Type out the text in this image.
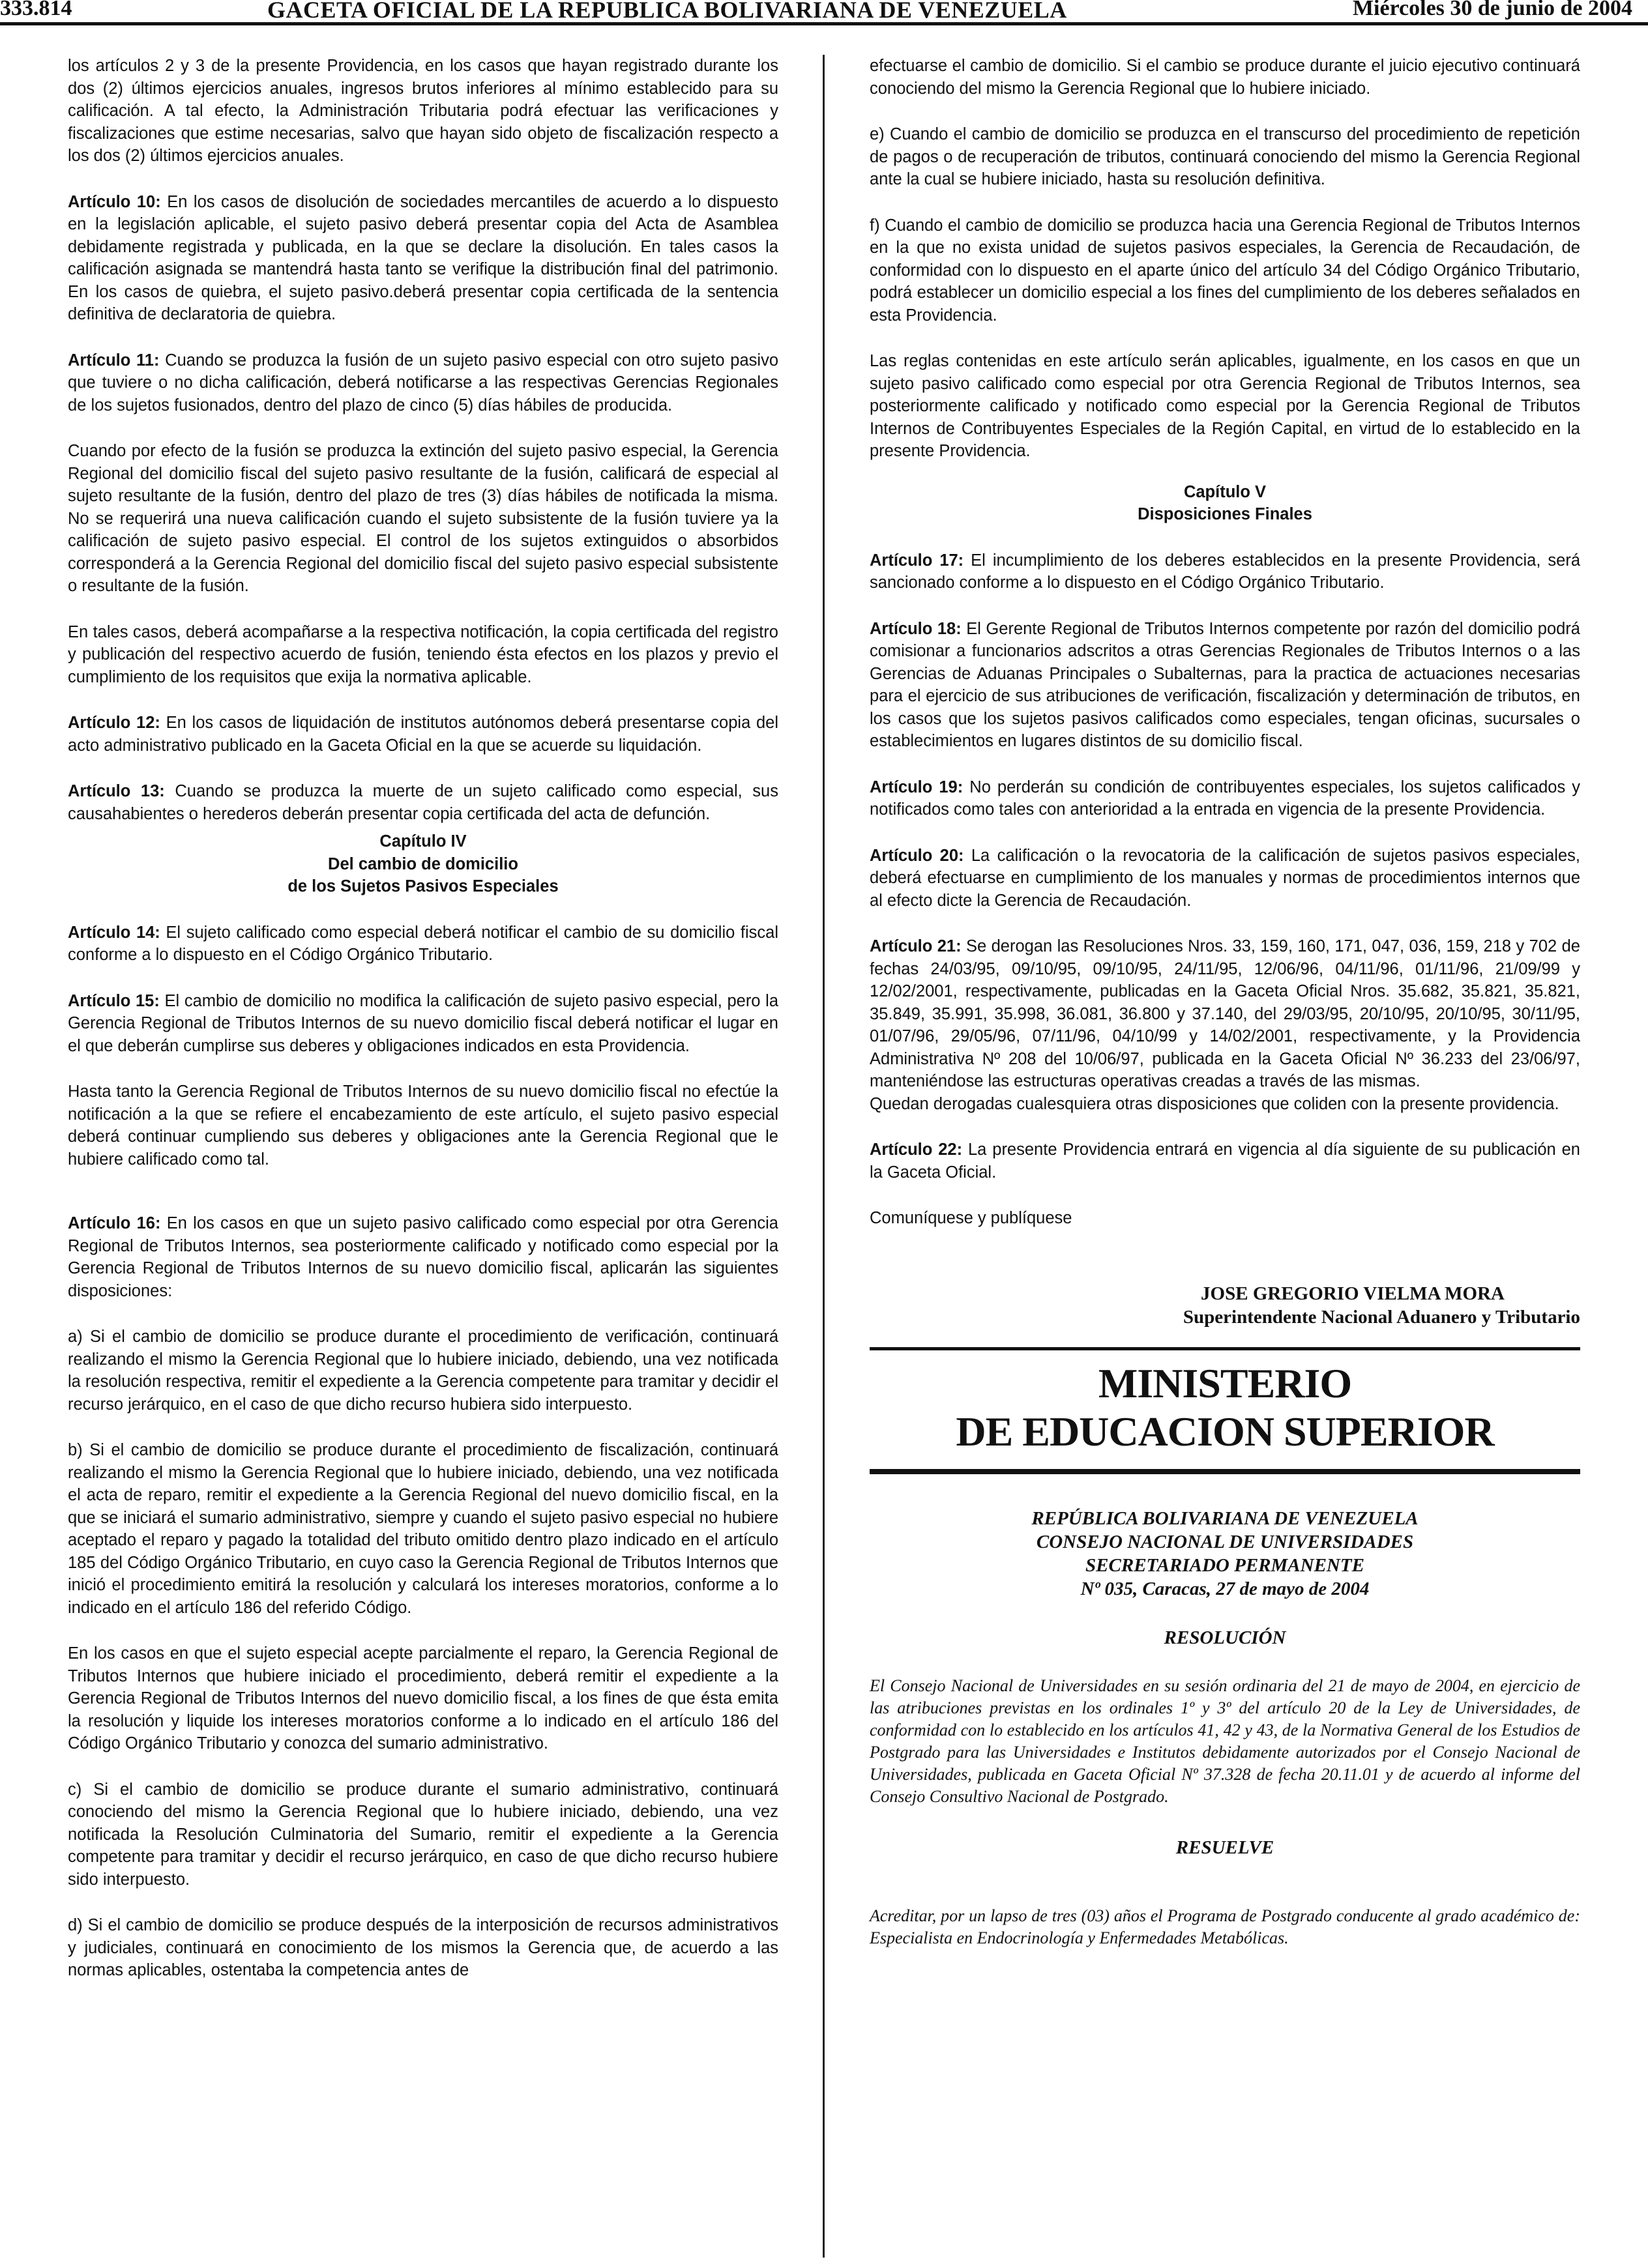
333.814	GACETA OFICIAL DE LA REPUBLICA BOLIVARIANA DE VENEZUELA	Miércoles 30 de junio de 2004

los artículos 2 y 3 de la presente Providencia, en los casos que hayan registrado durante los dos (2) últimos ejercicios anuales, ingresos brutos inferiores al mínimo establecido para su calificación. A tal efecto, la Administración Tributaria podrá efectuar las verificaciones y fiscalizaciones que estime necesarias, salvo que hayan sido objeto de fiscalización respecto a los dos (2) últimos ejercicios anuales.

Artículo 10: En los casos de disolución de sociedades mercantiles de acuerdo a lo dispuesto en la legislación aplicable, el sujeto pasivo deberá presentar copia del Acta de Asamblea debidamente registrada y publicada, en la que se declare la disolución. En tales casos la calificación asignada se mantendrá hasta tanto se verifique la distribución final del patrimonio. En los casos de quiebra, el sujeto pasivo.deberá presentar copia certificada de la sentencia definitiva de declaratoria de quiebra.

Artículo 11: Cuando se produzca la fusión de un sujeto pasivo especial con otro sujeto pasivo que tuviere o no dicha calificación, deberá notificarse a las respectivas Gerencias Regionales de los sujetos fusionados, dentro del plazo de cinco (5) días hábiles de producida.

Cuando por efecto de la fusión se produzca la extinción del sujeto pasivo especial, la Gerencia Regional del domicilio fiscal del sujeto pasivo resultante de la fusión, calificará de especial al sujeto resultante de la fusión, dentro del plazo de tres (3) días hábiles de notificada la misma. No se requerirá una nueva calificación cuando el sujeto subsistente de la fusión tuviere ya la calificación de sujeto pasivo especial. El control de los sujetos extinguidos o absorbidos corresponderá a la Gerencia Regional del domicilio fiscal del sujeto pasivo especial subsistente o resultante de la fusión.

En tales casos, deberá acompañarse a la respectiva notificación, la copia certificada del registro y publicación del respectivo acuerdo de fusión, teniendo ésta efectos en los plazos y previo el cumplimiento de los requisitos que exija la normativa aplicable.

Artículo 12: En los casos de liquidación de institutos autónomos deberá presentarse copia del acto administrativo publicado en la Gaceta Oficial en la que se acuerde su liquidación.

Artículo 13: Cuando se produzca la muerte de un sujeto calificado como especial, sus causahabientes o herederos deberán presentar copia certificada del acta de defunción.

Capítulo IV
Del cambio de domicilio
de los Sujetos Pasivos Especiales

Artículo 14: El sujeto calificado como especial deberá notificar el cambio de su domicilio fiscal conforme a lo dispuesto en el Código Orgánico Tributario.

Artículo 15: El cambio de domicilio no modifica la calificación de sujeto pasivo especial, pero la Gerencia Regional de Tributos Internos de su nuevo domicilio fiscal deberá notificar el lugar en el que deberán cumplirse sus deberes y obligaciones indicados en esta Providencia.

Hasta tanto la Gerencia Regional de Tributos Internos de su nuevo domicilio fiscal no efectúe la notificación a la que se refiere el encabezamiento de este artículo, el sujeto pasivo especial deberá continuar cumpliendo sus deberes y obligaciones ante la Gerencia Regional que le hubiere calificado como tal.

Artículo 16: En los casos en que un sujeto pasivo calificado como especial por otra Gerencia Regional de Tributos Internos, sea posteriormente calificado y notificado como especial por la Gerencia Regional de Tributos Internos de su nuevo domicilio fiscal, aplicarán las siguientes disposiciones:

a) Si el cambio de domicilio se produce durante el procedimiento de verificación, continuará realizando el mismo la Gerencia Regional que lo hubiere iniciado, debiendo, una vez notificada la resolución respectiva, remitir el expediente a la Gerencia competente para tramitar y decidir el recurso jerárquico, en el caso de que dicho recurso hubiera sido interpuesto.

b) Si el cambio de domicilio se produce durante el procedimiento de fiscalización, continuará realizando el mismo la Gerencia Regional que lo hubiere iniciado, debiendo, una vez notificada el acta de reparo, remitir el expediente a la Gerencia Regional del nuevo domicilio fiscal, en la que se iniciará el sumario administrativo, siempre y cuando el sujeto pasivo especial no hubiere aceptado el reparo y pagado la totalidad del tributo omitido dentro plazo indicado en el artículo 185 del Código Orgánico Tributario, en cuyo caso la Gerencia Regional de Tributos Internos que inició el procedimiento emitirá la resolución y calculará los intereses moratorios, conforme a lo indicado en el artículo 186 del referido Código.

En los casos en que el sujeto especial acepte parcialmente el reparo, la Gerencia Regional de Tributos Internos que hubiere iniciado el procedimiento, deberá remitir el expediente a la Gerencia Regional de Tributos Internos del nuevo domicilio fiscal, a los fines de que ésta emita la resolución y liquide los intereses moratorios conforme a lo indicado en el artículo 186 del Código Orgánico Tributario y conozca del sumario administrativo.

c) Si el cambio de domicilio se produce durante el sumario administrativo, continuará conociendo del mismo la Gerencia Regional que lo hubiere iniciado, debiendo, una vez notificada la Resolución Culminatoria del Sumario, remitir el expediente a la Gerencia competente para tramitar y decidir el recurso jerárquico, en caso de que dicho recurso hubiere sido interpuesto.

d) Si el cambio de domicilio se produce después de la interposición de recursos administrativos y judiciales, continuará en conocimiento de los mismos la Gerencia que, de acuerdo a las normas aplicables, ostentaba la competencia antes de

efectuarse el cambio de domicilio. Si el cambio se produce durante el juicio ejecutivo continuará conociendo del mismo la Gerencia Regional que lo hubiere iniciado.

e) Cuando el cambio de domicilio se produzca en el transcurso del procedimiento de repetición de pagos o de recuperación de tributos, continuará conociendo del mismo la Gerencia Regional ante la cual se hubiere iniciado, hasta su resolución definitiva.

f) Cuando el cambio de domicilio se produzca hacia una Gerencia Regional de Tributos Internos en la que no exista unidad de sujetos pasivos especiales, la Gerencia de Recaudación, de conformidad con lo dispuesto en el aparte único del artículo 34 del Código Orgánico Tributario, podrá establecer un domicilio especial a los fines del cumplimiento de los deberes señalados en esta Providencia.

Las reglas contenidas en este artículo serán aplicables, igualmente, en los casos en que un sujeto pasivo calificado como especial por otra Gerencia Regional de Tributos Internos, sea posteriormente calificado y notificado como especial por la Gerencia Regional de Tributos Internos de Contribuyentes Especiales de la Región Capital, en virtud de lo establecido en la presente Providencia.

Capítulo V
Disposiciones Finales

Artículo 17: El incumplimiento de los deberes establecidos en la presente Providencia, será sancionado conforme a lo dispuesto en el Código Orgánico Tributario.

Artículo 18: El Gerente Regional de Tributos Internos competente por razón del domicilio podrá comisionar a funcionarios adscritos a otras Gerencias Regionales de Tributos Internos o a las Gerencias de Aduanas Principales o Subalternas, para la practica de actuaciones necesarias para el ejercicio de sus atribuciones de verificación, fiscalización y determinación de tributos, en los casos que los sujetos pasivos calificados como especiales, tengan oficinas, sucursales o establecimientos en lugares distintos de su domicilio fiscal.

Artículo 19: No perderán su condición de contribuyentes especiales, los sujetos calificados y notificados como tales con anterioridad a la entrada en vigencia de la presente Providencia.

Artículo 20: La calificación o la revocatoria de la calificación de sujetos pasivos especiales, deberá efectuarse en cumplimiento de los manuales y normas de procedimientos internos que al efecto dicte la Gerencia de Recaudación.

Artículo 21: Se derogan las Resoluciones Nros. 33, 159, 160, 171, 047, 036, 159, 218 y 702 de fechas 24/03/95, 09/10/95, 09/10/95, 24/11/95, 12/06/96, 04/11/96, 01/11/96, 21/09/99 y 12/02/2001, respectivamente, publicadas en la Gaceta Oficial Nros. 35.682, 35.821, 35.821, 35.849, 35.991, 35.998, 36.081, 36.800 y 37.140, del 29/03/95, 20/10/95, 20/10/95, 30/11/95, 01/07/96, 29/05/96, 07/11/96, 04/10/99 y 14/02/2001, respectivamente, y la Providencia Administrativa Nº 208 del 10/06/97, publicada en la Gaceta Oficial Nº 36.233 del 23/06/97, manteniéndose las estructuras operativas creadas a través de las mismas.

Quedan derogadas cualesquiera otras disposiciones que coliden con la presente providencia.

Artículo 22: La presente Providencia entrará en vigencia al día siguiente de su publicación en la Gaceta Oficial.

Comuníquese y publíquese

JOSE GREGORIO VIELMA MORA
Superintendente Nacional Aduanero y Tributario
MINISTERIO
DE EDUCACION SUPERIOR
REPÚBLICA BOLIVARIANA DE VENEZUELA
CONSEJO NACIONAL DE UNIVERSIDADES
SECRETARIADO PERMANENTE
Nº 035, Caracas, 27 de mayo de 2004
RESOLUCIÓN
El Consejo Nacional de Universidades en su sesión ordinaria del 21 de mayo de 2004, en ejercicio de las atribuciones previstas en los ordinales 1º y 3º del artículo 20 de la Ley de Universidades, de conformidad con lo establecido en los artículos 41, 42 y 43, de la Normativa General de los Estudios de Postgrado para las Universidades e Institutos debidamente autorizados por el Consejo Nacional de Universidades, publicada en Gaceta Oficial Nº 37.328 de fecha 20.11.01 y de acuerdo al informe del Consejo Consultivo Nacional de Postgrado.
RESUELVE
Acreditar, por un lapso de tres (03) años el Programa de Postgrado conducente al grado académico de: Especialista en Endocrinología y Enfermedades Metabólicas.
